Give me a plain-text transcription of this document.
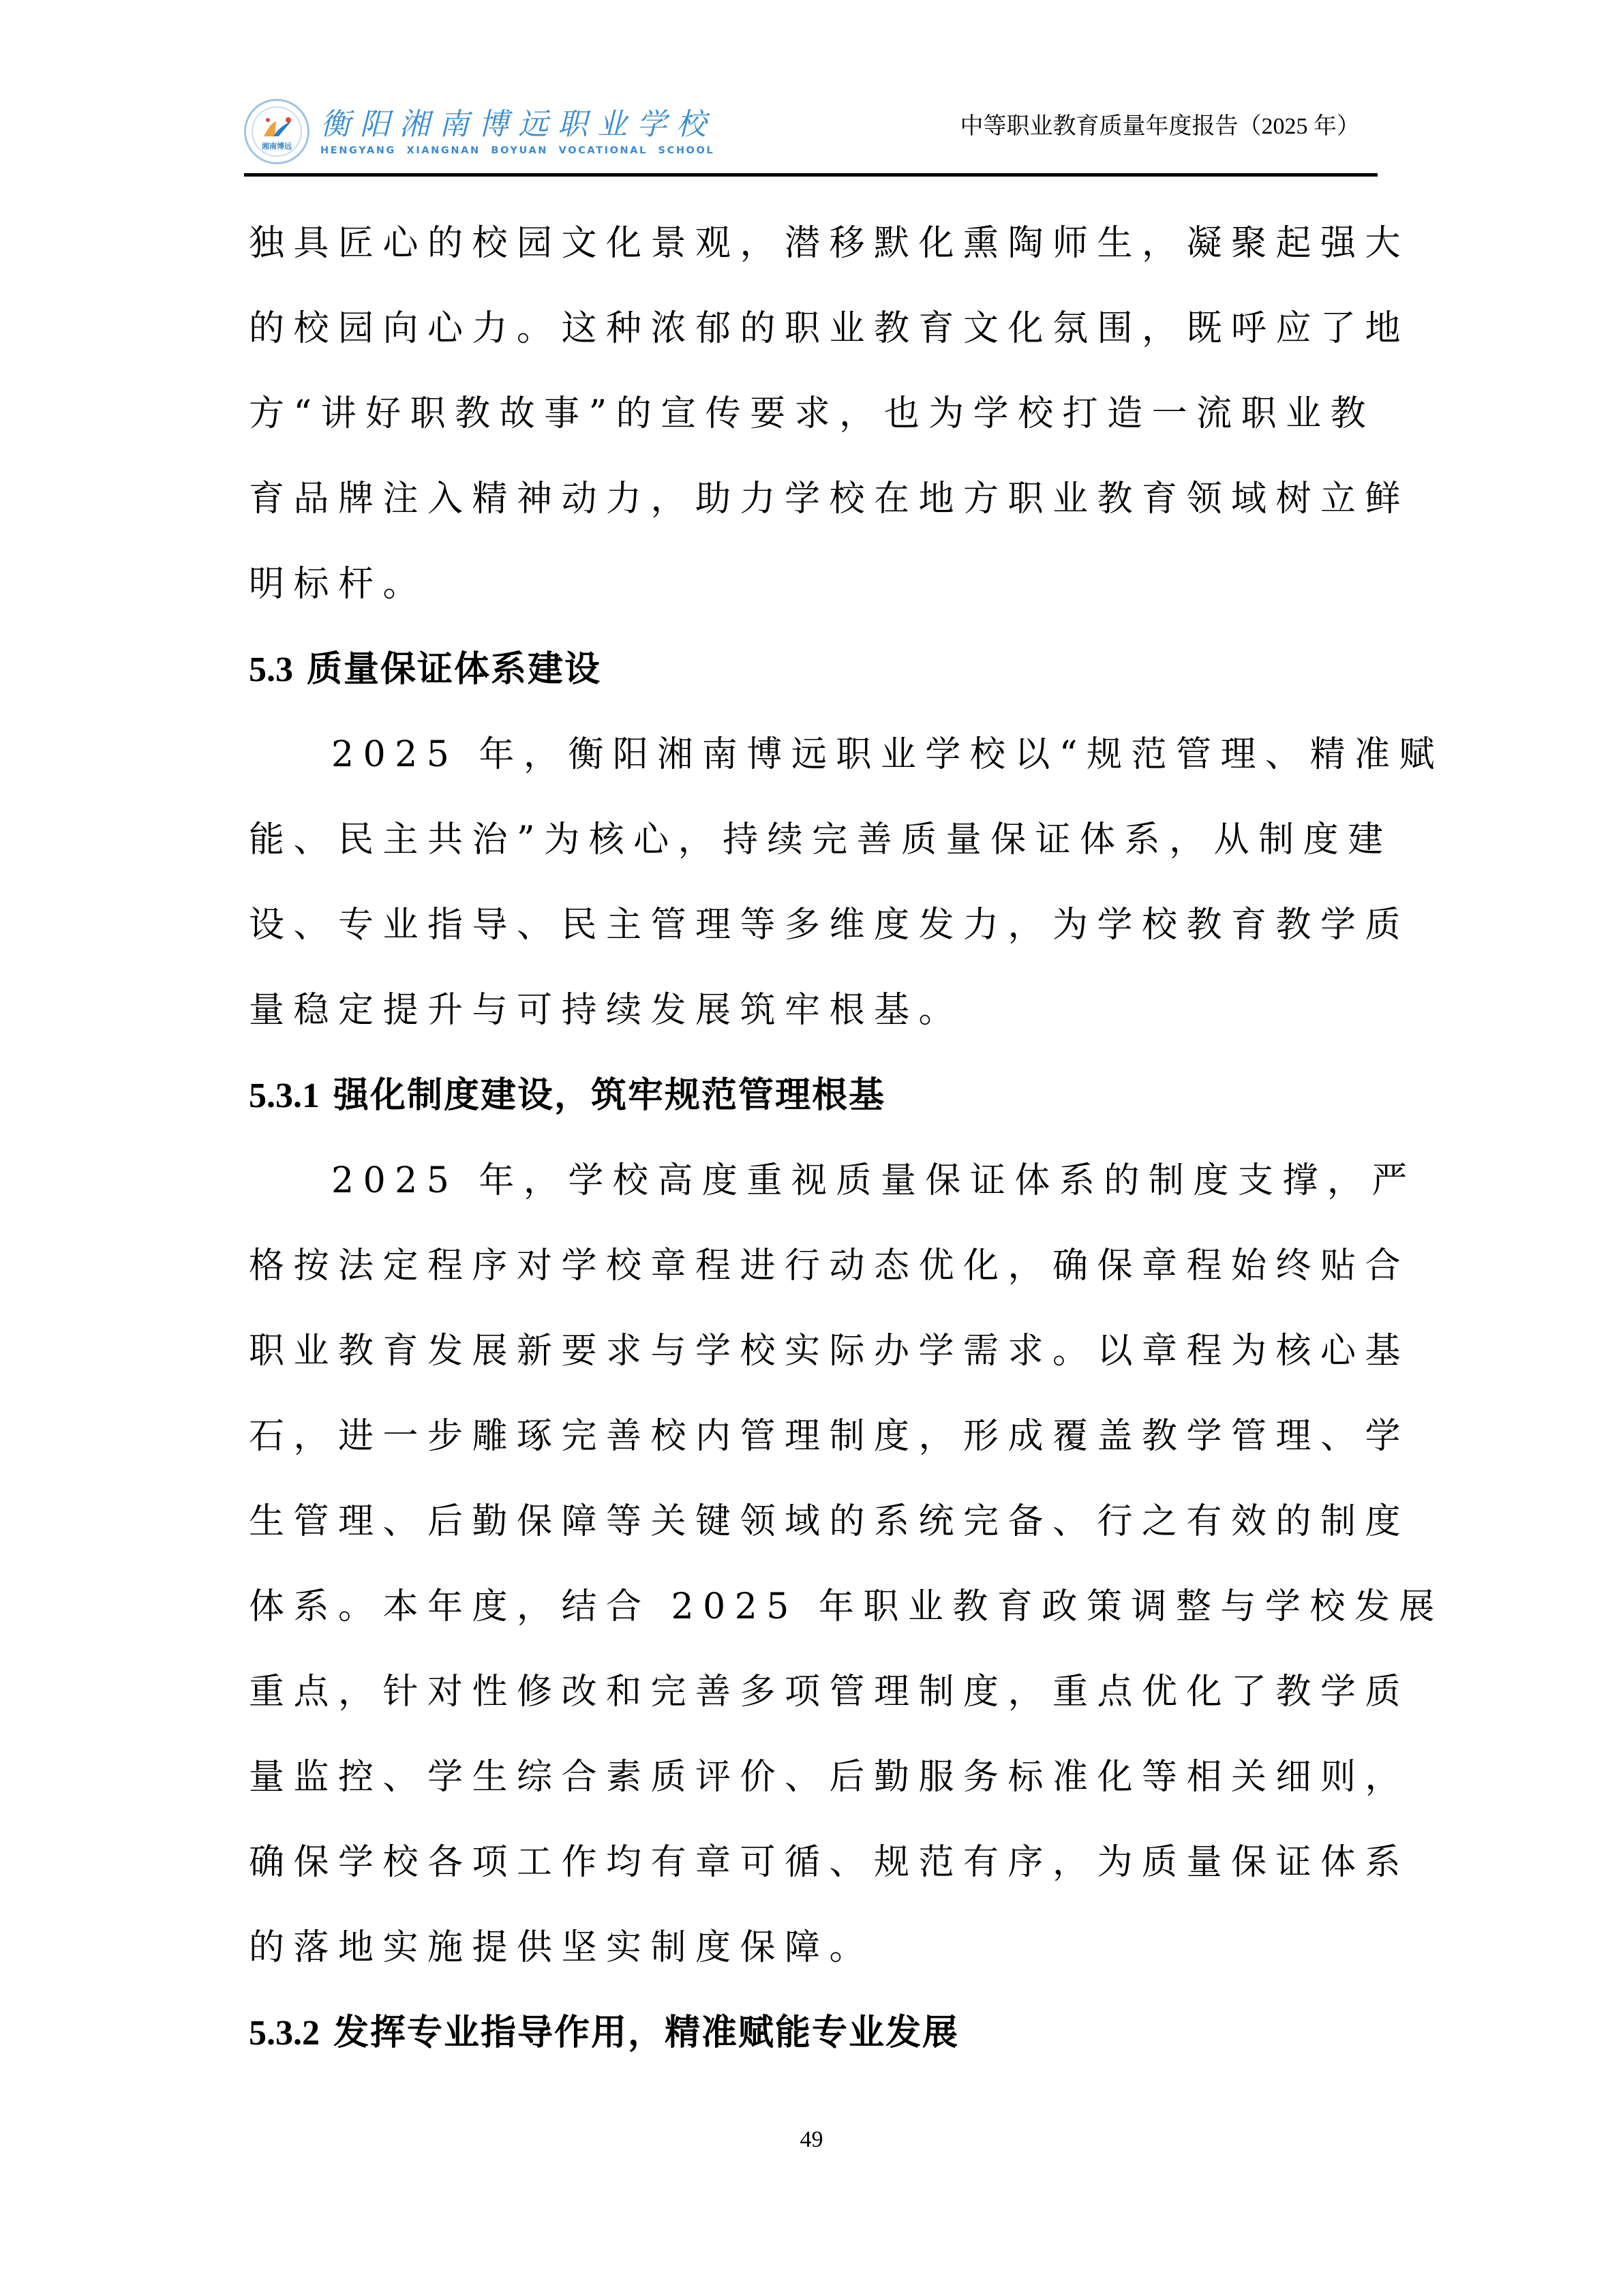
湘南博远
衡阳湘南博远职业学校
HENGYANG XIANGNAN BOYUAN VOCATIONAL SCHOOL
中等职业教育质量年度报告（2025 年）

独具匠心的校园文化景观，潜移默化熏陶师生，凝聚起强大
的校园向心力。这种浓郁的职业教育文化氛围，既呼应了地
方“讲好职教故事”的宣传要求，也为学校打造一流职业教
育品牌注入精神动力，助力学校在地方职业教育领域树立鲜
明标杆。

5.3 质量保证体系建设

2025 年，衡阳湘南博远职业学校以“规范管理、精准赋
能、民主共治”为核心，持续完善质量保证体系，从制度建
设、专业指导、民主管理等多维度发力，为学校教育教学质
量稳定提升与可持续发展筑牢根基。

5.3.1 强化制度建设，筑牢规范管理根基

2025 年，学校高度重视质量保证体系的制度支撑，严
格按法定程序对学校章程进行动态优化，确保章程始终贴合
职业教育发展新要求与学校实际办学需求。以章程为核心基
石，进一步雕琢完善校内管理制度，形成覆盖教学管理、学
生管理、后勤保障等关键领域的系统完备、行之有效的制度
体系。本年度，结合 2025 年职业教育政策调整与学校发展
重点，针对性修改和完善多项管理制度，重点优化了教学质
量监控、学生综合素质评价、后勤服务标准化等相关细则，
确保学校各项工作均有章可循、规范有序，为质量保证体系
的落地实施提供坚实制度保障。

5.3.2 发挥专业指导作用，精准赋能专业发展
49
